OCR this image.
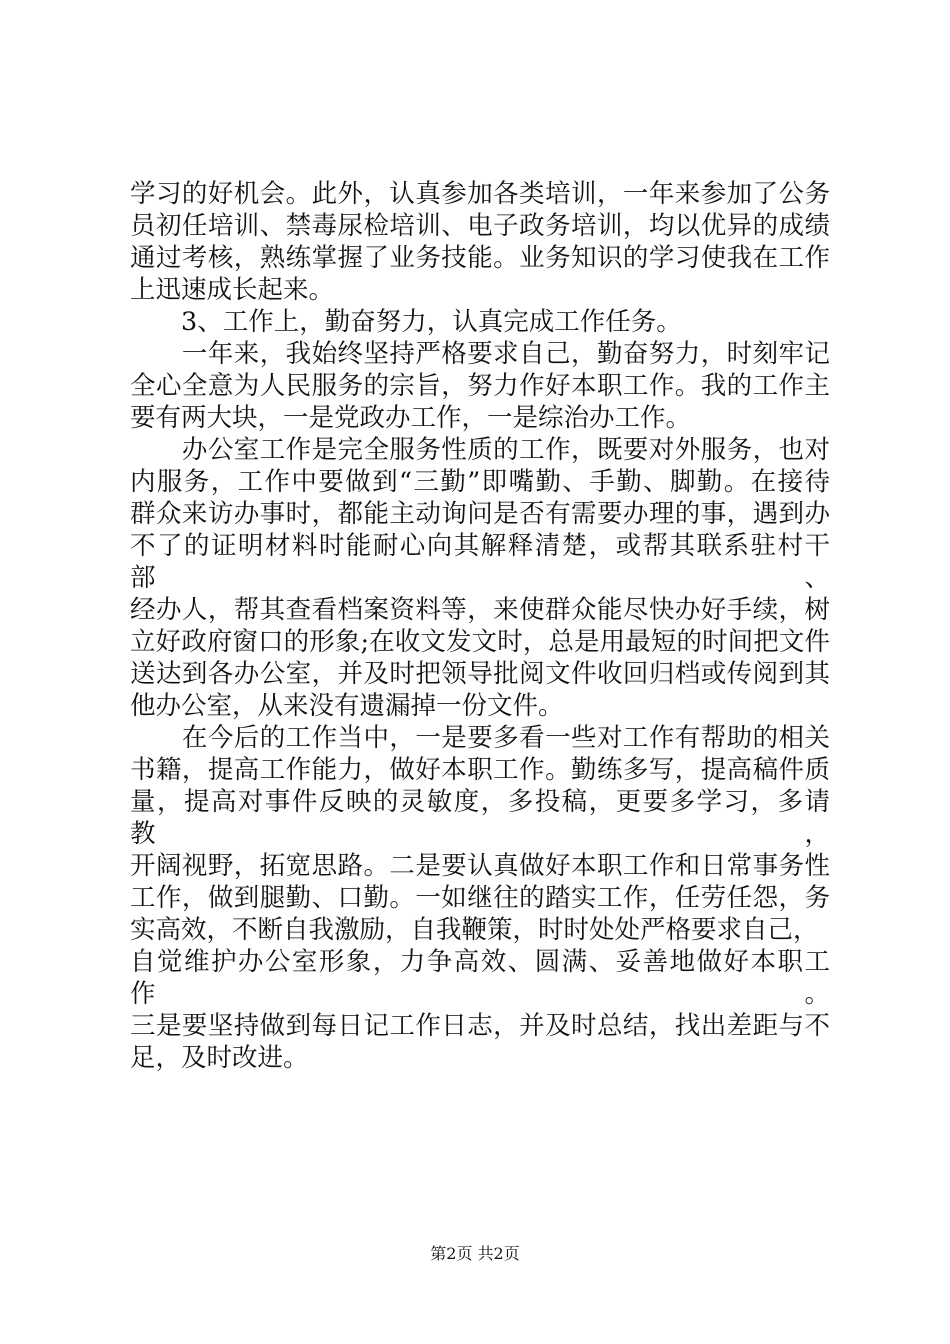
学习的好机会。此外，认真参加各类培训，一年来参加了公务

员初任培训、禁毒尿检培训、电子政务培训，均以优异的成绩

通过考核，熟练掌握了业务技能。业务知识的学习使我在工作

上迅速成长起来。

　　3、工作上，勤奋努力，认真完成工作任务。

　　一年来，我始终坚持严格要求自己，勤奋努力，时刻牢记

全心全意为人民服务的宗旨，努力作好本职工作。我的工作主

要有两大块，一是党政办工作，一是综治办工作。

　　办公室工作是完全服务性质的工作，既要对外服务，也对

内服务，工作中要做到“三勤”即嘴勤、手勤、脚勤。在接待

群众来访办事时，都能主动询问是否有需要办理的事，遇到办

不了的证明材料时能耐心向其解释清楚，或帮其联系驻村干部、

经办人，帮其查看档案资料等，来使群众能尽快办好手续，树

立好政府窗口的形象;在收文发文时，总是用最短的时间把文件

送达到各办公室，并及时把领导批阅文件收回归档或传阅到其

他办公室，从来没有遗漏掉一份文件。

　　在今后的工作当中，一是要多看一些对工作有帮助的相关

书籍，提高工作能力，做好本职工作。勤练多写，提高稿件质

量，提高对事件反映的灵敏度，多投稿，更要多学习，多请教，

开阔视野，拓宽思路。二是要认真做好本职工作和日常事务性

工作，做到腿勤、口勤。一如继往的踏实工作，任劳任怨，务

实高效，不断自我激励，自我鞭策，时时处处严格要求自己，

自觉维护办公室形象，力争高效、圆满、妥善地做好本职工作。

三是要坚持做到每日记工作日志，并及时总结，找出差距与不

足，及时改进。

第2页 共2页
